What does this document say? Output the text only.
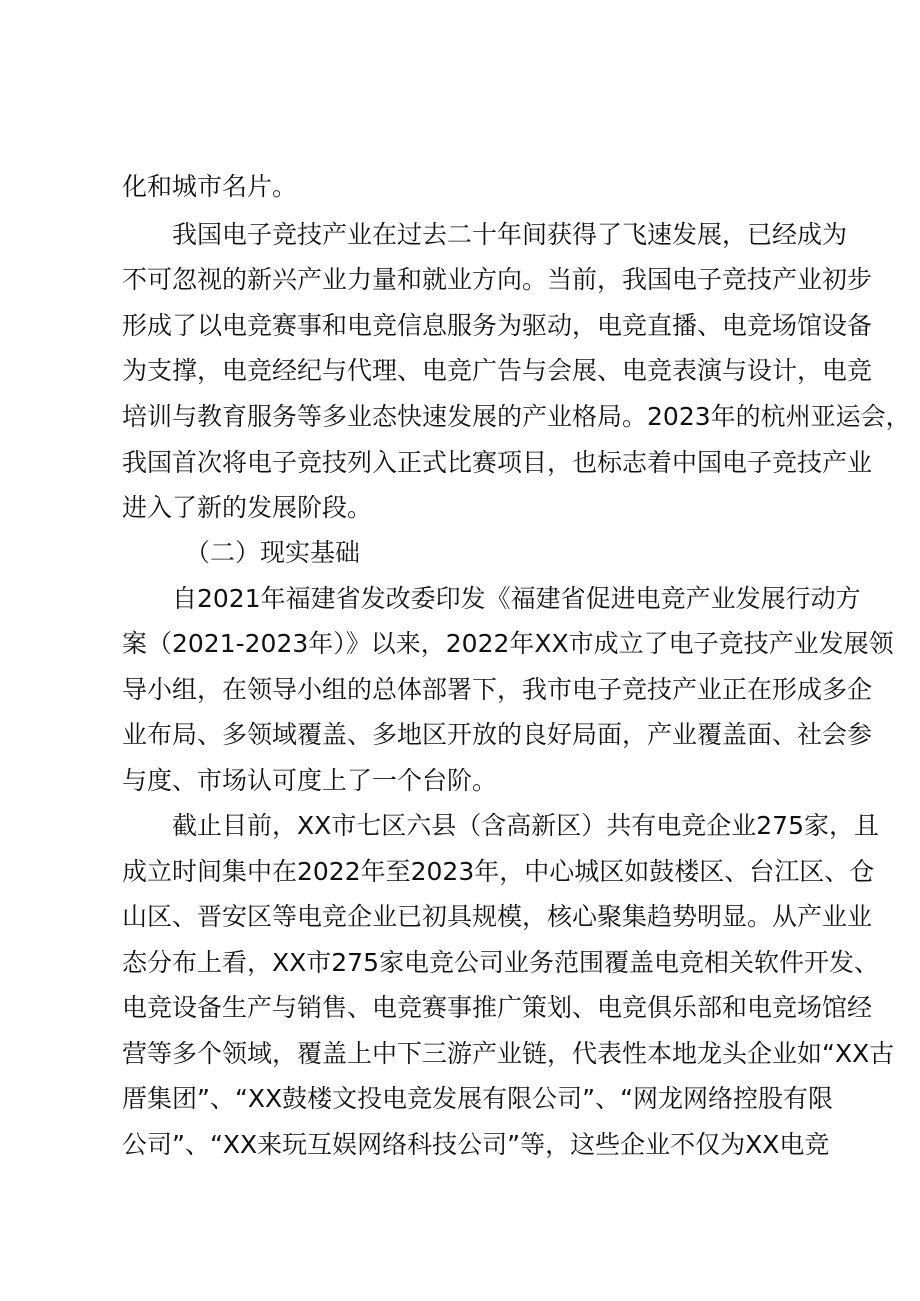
化和城市名片。
我国电子竞技产业在过去二十年间获得了飞速发展，已经成为
不可忽视的新兴产业力量和就业方向。当前，我国电子竞技产业初步
形成了以电竞赛事和电竞信息服务为驱动，电竞直播、电竞场馆设备
为支撑，电竞经纪与代理、电竞广告与会展、电竞表演与设计，电竞
培训与教育服务等多业态快速发展的产业格局。2023年的杭州亚运会，
我国首次将电子竞技列入正式比赛项目，也标志着中国电子竞技产业
进入了新的发展阶段。
（二）现实基础
自2021年福建省发改委印发《福建省促进电竞产业发展行动方
案（2021-2023年）》以来，2022年XX市成立了电子竞技产业发展领
导小组，在领导小组的总体部署下，我市电子竞技产业正在形成多企
业布局、多领域覆盖、多地区开放的良好局面，产业覆盖面、社会参
与度、市场认可度上了一个台阶。
截止目前，XX市七区六县（含高新区）共有电竞企业275家，且
成立时间集中在2022年至2023年，中心城区如鼓楼区、台江区、仓
山区、晋安区等电竞企业已初具规模，核心聚集趋势明显。从产业业
态分布上看，XX市275家电竞公司业务范围覆盖电竞相关软件开发、
电竞设备生产与销售、电竞赛事推广策划、电竞俱乐部和电竞场馆经
营等多个领域，覆盖上中下三游产业链，代表性本地龙头企业如“XX古
厝集团”、“XX鼓楼文投电竞发展有限公司”、“网龙网络控股有限
公司”、“XX来玩互娱网络科技公司”等，这些企业不仅为XX电竞
